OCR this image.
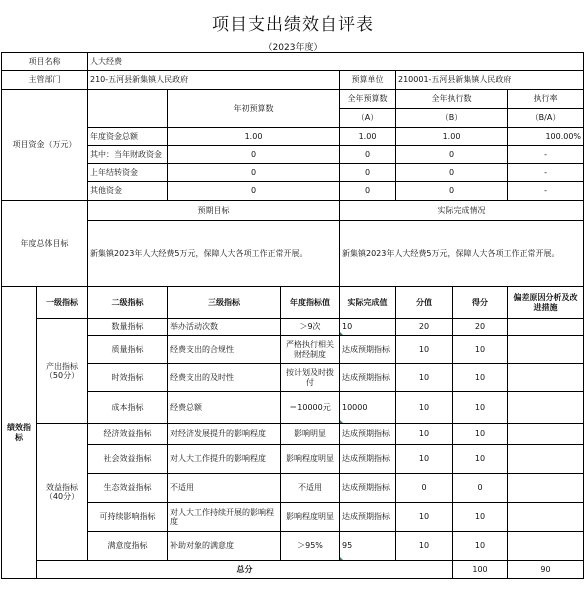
项目支出绩效自评表
（2023年度）
项目名称		人大经费							
主管部门		210-五河县新集镇人民政府			预算单位	210001-五河县新集镇人民政府			
项目资金（万元）			年初预算数		全年预算数	全年执行数		执行率	
					（A）	（B）		（B/A）	
		年度资金总额	1.00		1.00	1.00		100.00%	
		其中：当年财政资金	0		0	0		-	
		上年结转资金	0		0	0		-	
		其他资金	0		0	0		-	
年度总体目标		预期目标			实际完成情况				
		新集镇2023年人大经费5万元，保障人大各项工作正常开展。			新集镇2023年人大经费5万元，保障人大各项工作正常开展。				
绩效指标	一级指标	二级指标	三级指标	年度指标值	实际完成值	分值	得分	偏差原因分析及改进措施	
	产出指标（50分）	数量指标	举办活动次数	＞9次	10	20	20		
		质量指标	经费支出的合规性	严格执行相关财经制度	达成预期指标	10	10		
		时效指标	经费支出的及时性	按计划及时拨付	达成预期指标	10	10		
		成本指标	经费总额	＝10000元	10000	10	10		
	效益指标（40分）	经济效益指标	对经济发展提升的影响程度	影响明显	达成预期指标	10	10		
		社会效益指标	对人大工作提升的影响程度	影响程度明显	达成预期指标	10	10		
		生态效益指标	不适用	不适用	达成预期指标	0	0		
		可持续影响指标	对人大工作持续开展的影响程度	影响程度明显	达成预期指标	10	10		
		满意度指标	补助对象的满意度	＞95%	95	10	10		
	总分						100	90	
